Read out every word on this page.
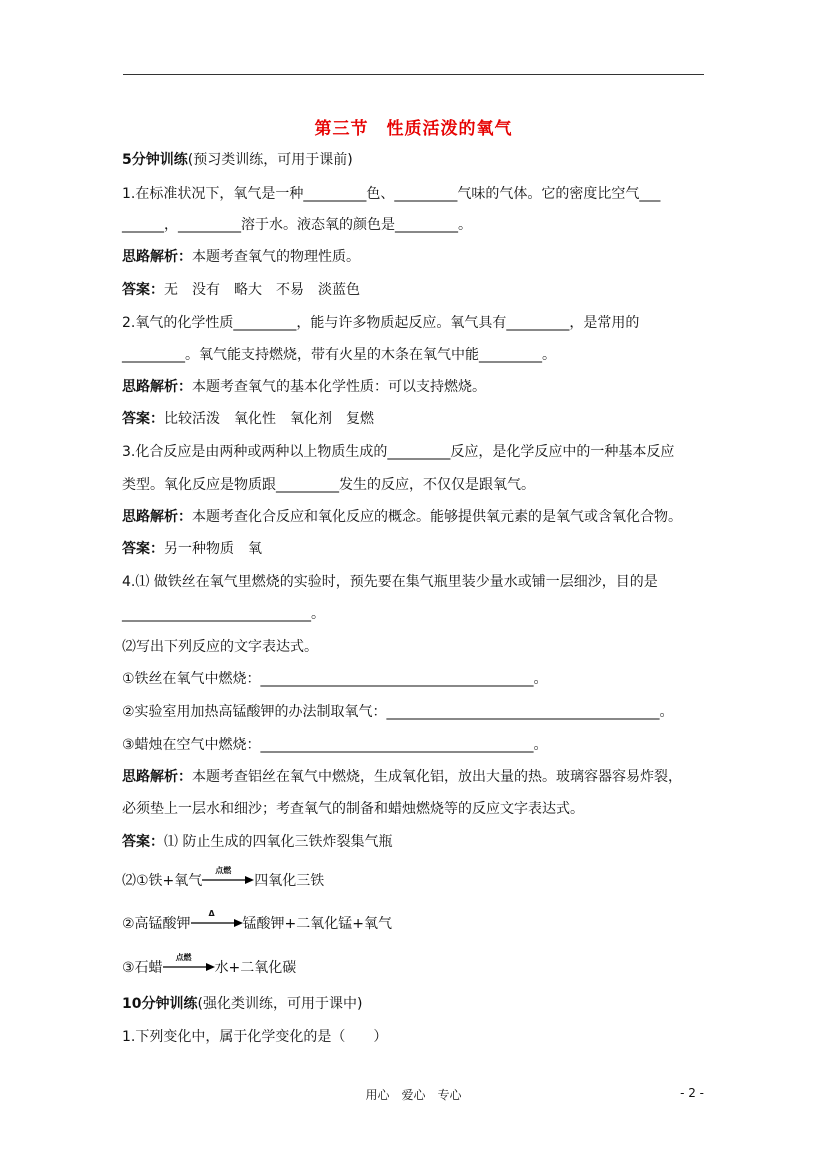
第三节　性质活泼的氧气
5分钟训练(预习类训练，可用于课前)
1.在标准状况下，氧气是一种_________色、_________气味的气体。它的密度比空气___
______，_________溶于水。液态氧的颜色是_________。
思路解析：本题考查氧气的物理性质。
答案：无　没有　略大　不易　淡蓝色
2.氧气的化学性质_________，能与许多物质起反应。氧气具有_________，是常用的
_________。氧气能支持燃烧，带有火星的木条在氧气中能_________。
思路解析：本题考查氧气的基本化学性质：可以支持燃烧。
答案：比较活泼　氧化性　氧化剂　复燃
3.化合反应是由两种或两种以上物质生成的_________反应，是化学反应中的一种基本反应
类型。氧化反应是物质跟_________发生的反应，不仅仅是跟氧气。
思路解析：本题考查化合反应和氧化反应的概念。能够提供氧元素的是氧气或含氧化合物。
答案：另一种物质　氧
4.⑴ 做铁丝在氧气里燃烧的实验时，预先要在集气瓶里装少量水或铺一层细沙，目的是
___________________________。
⑵写出下列反应的文字表达式。
①铁丝在氧气中燃烧：_______________________________________。
②实验室用加热高锰酸钾的办法制取氧气：_______________________________________。
③蜡烛在空气中燃烧：_______________________________________。
思路解析：本题考查铝丝在氧气中燃烧，生成氧化铝，放出大量的热。玻璃容器容易炸裂，
必须垫上一层水和细沙；考查氧气的制备和蜡烛燃烧等的反应文字表达式。
答案：⑴ 防止生成的四氧化三铁炸裂集气瓶
⑵①铁+氧气
点燃
四氧化三铁
②高锰酸钾
Δ
锰酸钾+二氧化锰+氧气
③石蜡
点燃
水+二氧化碳
10分钟训练(强化类训练，可用于课中)
1.下列变化中，属于化学变化的是（　　）
用心　爱心　专心	- 2 -
